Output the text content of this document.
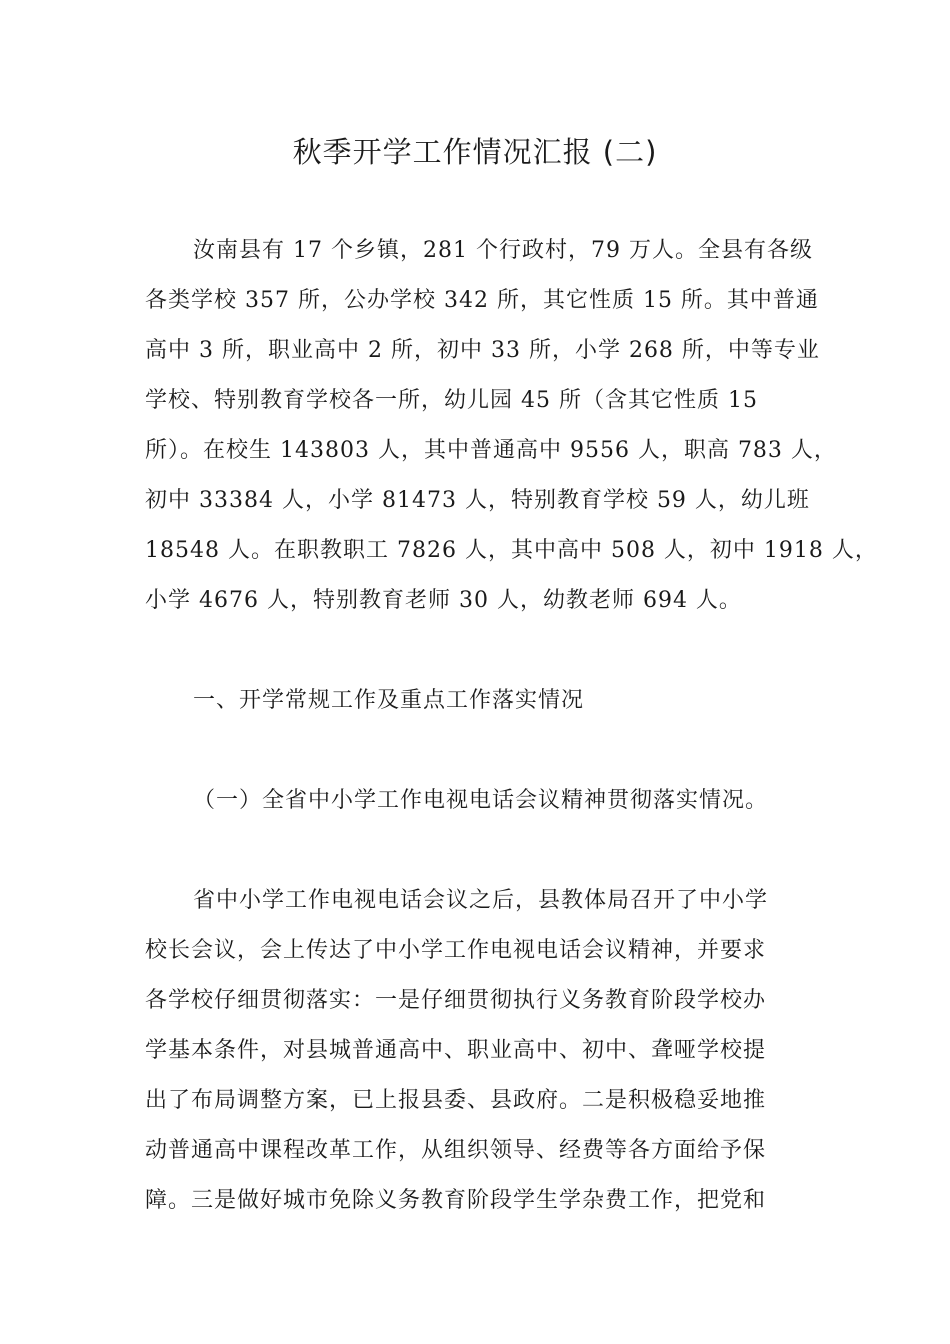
秋季开学工作情况汇报 (二)

汝南县有 17 个乡镇，281 个行政村，79 万人。全县有各级

各类学校 357 所，公办学校 342 所，其它性质 15 所。其中普通

高中 3 所，职业高中 2 所，初中 33 所，小学 268 所，中等专业

学校、特别教育学校各一所，幼儿园 45 所（含其它性质 15

所）。在校生 143803 人，其中普通高中 9556 人，职高 783 人，

初中 33384 人，小学 81473 人，特别教育学校 59 人，幼儿班

18548 人。在职教职工 7826 人，其中高中 508 人，初中 1918 人，

小学 4676 人，特别教育老师 30 人，幼教老师 694 人。

一、开学常规工作及重点工作落实情况

（一）全省中小学工作电视电话会议精神贯彻落实情况。

省中小学工作电视电话会议之后，县教体局召开了中小学

校长会议，会上传达了中小学工作电视电话会议精神，并要求

各学校仔细贯彻落实：一是仔细贯彻执行义务教育阶段学校办

学基本条件，对县城普通高中、职业高中、初中、聋哑学校提

出了布局调整方案，已上报县委、县政府。二是积极稳妥地推

动普通高中课程改革工作，从组织领导、经费等各方面给予保

障。三是做好城市免除义务教育阶段学生学杂费工作，把党和
